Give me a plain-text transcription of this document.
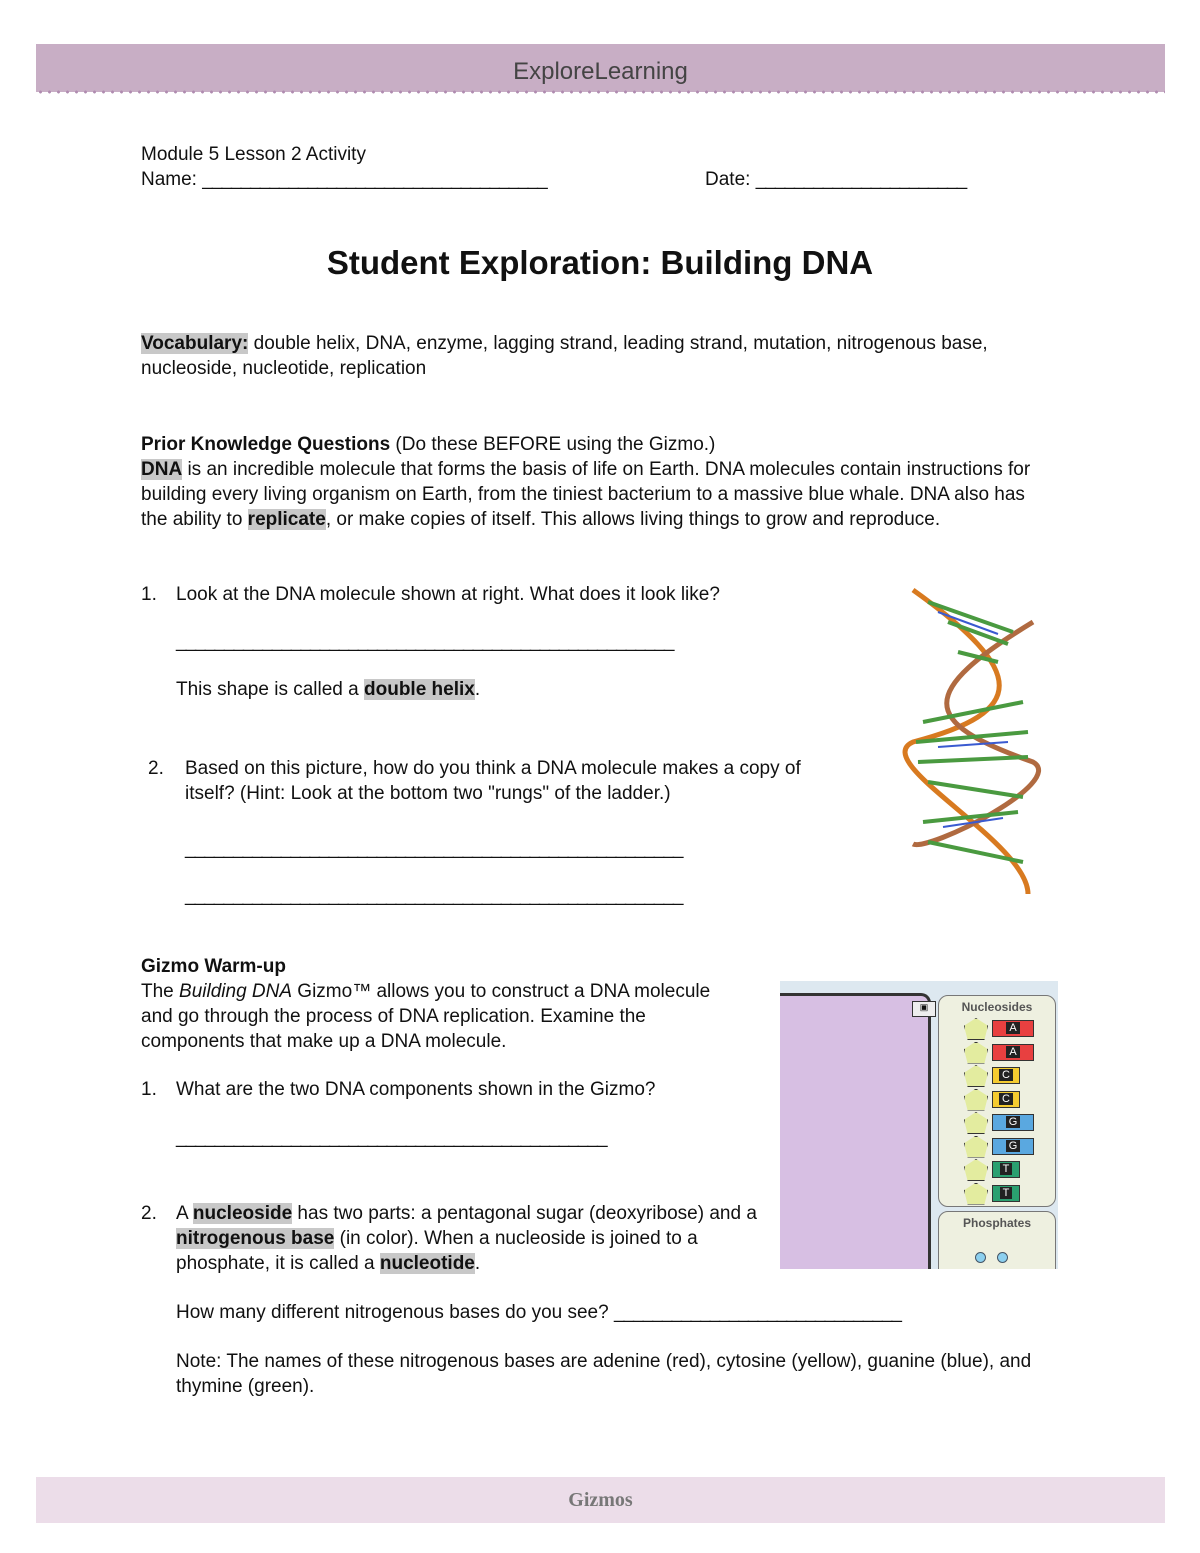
ExploreLearning

Module 5 Lesson 2 Activity

Name: ____________________________________	Date: ______________________

Student Exploration: Building DNA

Vocabulary: double helix, DNA, enzyme, lagging strand, leading strand, mutation, nitrogenous base, nucleoside, nucleotide, replication

Prior Knowledge Questions (Do these BEFORE using the Gizmo.)

DNA is an incredible molecule that forms the basis of life on Earth. DNA molecules contain instructions for building every living organism on Earth, from the tiniest bacterium to a massive blue whale. DNA also has the ability to replicate, or make copies of itself. This allows living things to grow and reproduce.

1. Look at the DNA molecule shown at right. What does it look like?

____________________________________________________

This shape is called a double helix.

2. Based on this picture, how do you think a DNA molecule makes a copy of itself? (Hint: Look at the bottom two "rungs" of the ladder.)

____________________________________________________

____________________________________________________

Gizmo Warm-up

The Building DNA Gizmo™ allows you to construct a DNA molecule and go through the process of DNA replication. Examine the components that make up a DNA molecule.

1. What are the two DNA components shown in the Gizmo?

_____________________________________________

2. A nucleoside has two parts: a pentagonal sugar (deoxyribose) and a nitrogenous base (in color). When a nucleoside is joined to a phosphate, it is called a nucleotide.

How many different nitrogenous bases do you see? ______________________________

Note: The names of these nitrogenous bases are adenine (red), cytosine (yellow), guanine (blue), and thymine (green).

▣	Nucleosides
A
A
C
C
G
G
T
T
Phosphates
Gizmos
